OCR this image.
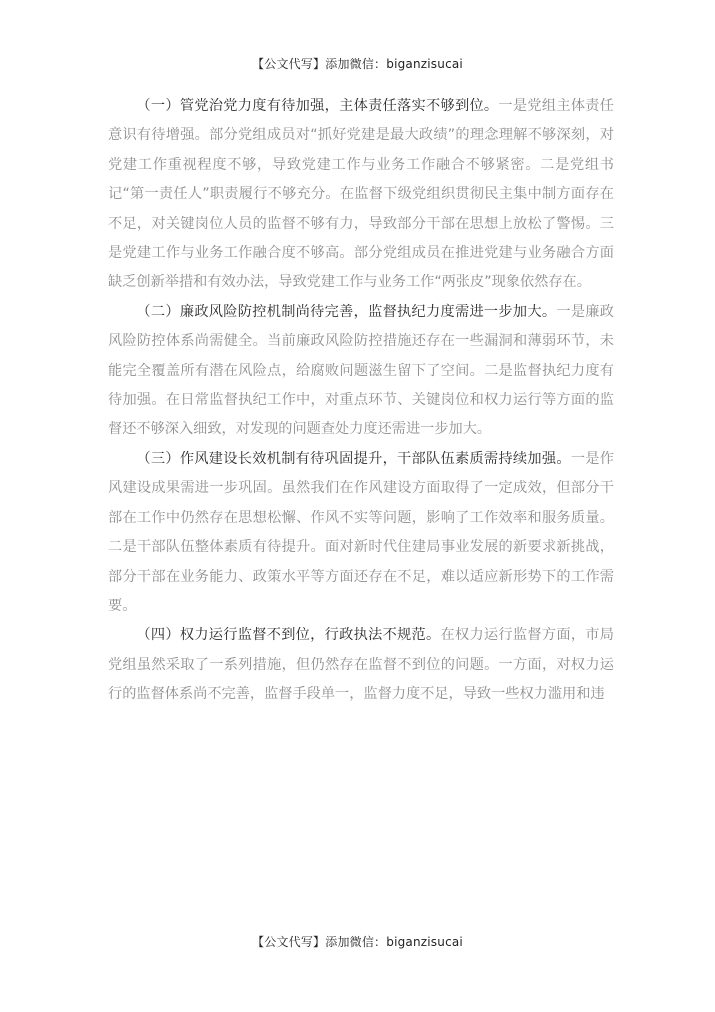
【公文代写】添加微信：biganzisucai

（一）管党治党力度有待加强，主体责任落实不够到位。一是党组主体责任意识有待增强。部分党组成员对“抓好党建是最大政绩”的理念理解不够深刻，对党建工作重视程度不够，导致党建工作与业务工作融合不够紧密。二是党组书记“第一责任人”职责履行不够充分。在监督下级党组织贯彻民主集中制方面存在不足，对关键岗位人员的监督不够有力，导致部分干部在思想上放松了警惕。三是党建工作与业务工作融合度不够高。部分党组成员在推进党建与业务融合方面缺乏创新举措和有效办法，导致党建工作与业务工作“两张皮”现象依然存在。

（二）廉政风险防控机制尚待完善，监督执纪力度需进一步加大。一是廉政风险防控体系尚需健全。当前廉政风险防控措施还存在一些漏洞和薄弱环节，未能完全覆盖所有潜在风险点，给腐败问题滋生留下了空间。二是监督执纪力度有待加强。在日常监督执纪工作中，对重点环节、关键岗位和权力运行等方面的监督还不够深入细致，对发现的问题查处力度还需进一步加大。

（三）作风建设长效机制有待巩固提升，干部队伍素质需持续加强。一是作风建设成果需进一步巩固。虽然我们在作风建设方面取得了一定成效，但部分干部在工作中仍然存在思想松懈、作风不实等问题，影响了工作效率和服务质量。二是干部队伍整体素质有待提升。面对新时代住建局事业发展的新要求新挑战，部分干部在业务能力、政策水平等方面还存在不足，难以适应新形势下的工作需要。

（四）权力运行监督不到位，行政执法不规范。在权力运行监督方面，市局党组虽然采取了一系列措施，但仍然存在监督不到位的问题。一方面，对权力运行的监督体系尚不完善，监督手段单一，监督力度不足，导致一些权力滥用和违

【公文代写】添加微信：biganzisucai
